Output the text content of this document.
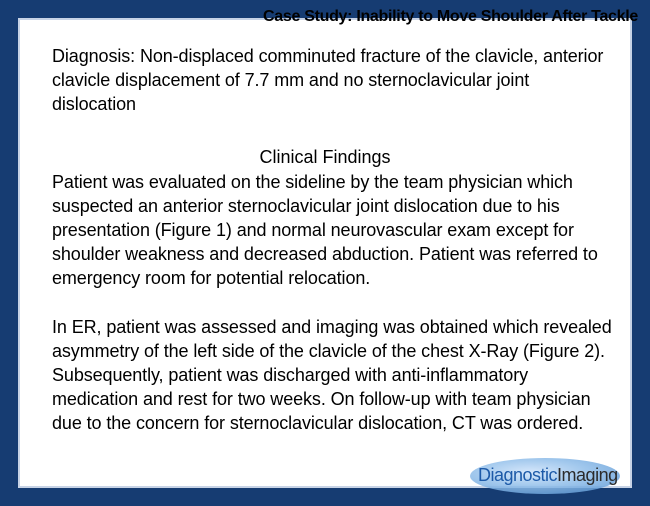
Case Study: Inability to Move Shoulder After Tackle
Diagnosis: Non-displaced comminuted fracture of the clavicle, anterior clavicle displacement of 7.7 mm and no sternoclavicular joint dislocation
Clinical Findings
Patient was evaluated on the sideline by the team physician which suspected an anterior sternoclavicular joint dislocation due to his presentation (Figure 1) and normal neurovascular exam except for shoulder weakness and decreased abduction. Patient was referred to emergency room for potential relocation.
In ER, patient was assessed and imaging was obtained which revealed asymmetry of the left side of the clavicle of the chest X-Ray (Figure 2). Subsequently, patient was discharged with anti-inflammatory medication and rest for two weeks. On follow-up with team physician due to the concern for sternoclavicular dislocation, CT was ordered.
DiagnosticImaging
